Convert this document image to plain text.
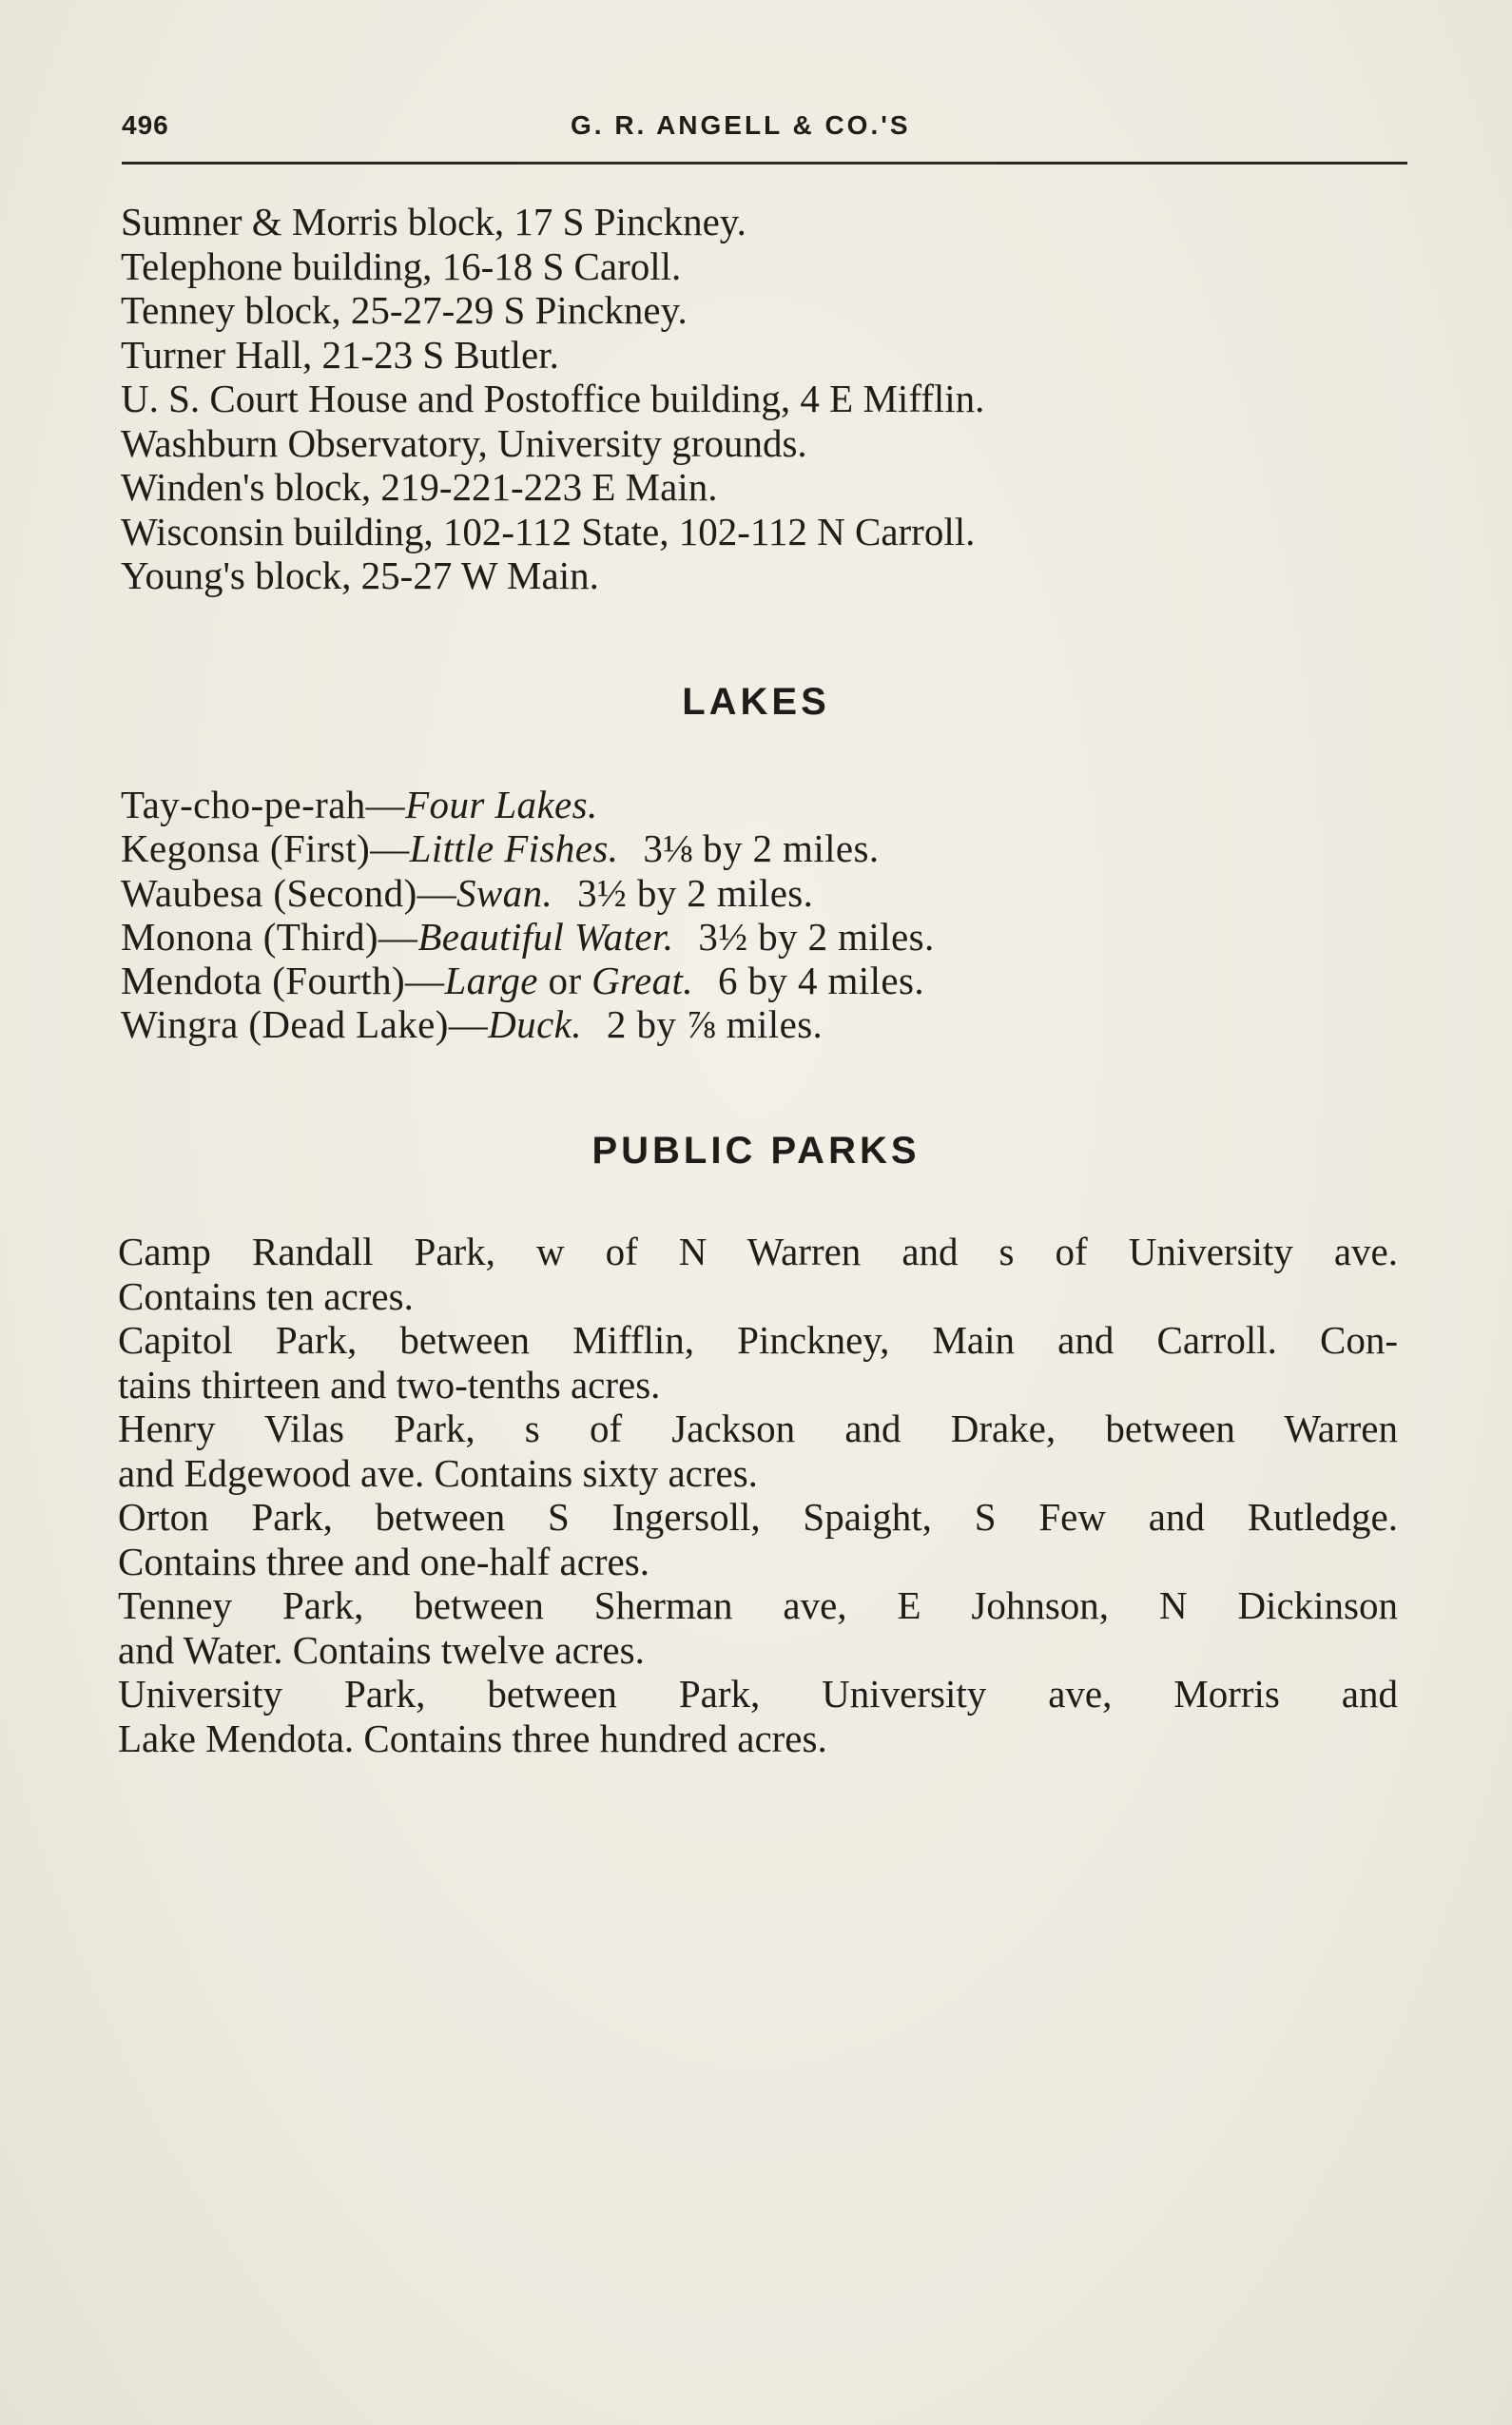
496	G. R. ANGELL & CO.'S
Sumner & Morris block, 17 S Pinckney.
Telephone building, 16-18 S Caroll.
Tenney block, 25-27-29 S Pinckney.
Turner Hall, 21-23 S Butler.
U. S. Court House and Postoffice building, 4 E Mifflin.
Washburn Observatory, University grounds.
Winden's block, 219-221-223 E Main.
Wisconsin building, 102-112 State, 102-112 N Carroll.
Young's block, 25-27 W Main.
LAKES
Tay-cho-pe-rah—Four Lakes.
Kegonsa (First)—Little Fishes. 3⅛ by 2 miles.
Waubesa (Second)—Swan. 3½ by 2 miles.
Monona (Third)—Beautiful Water. 3½ by 2 miles.
Mendota (Fourth)—Large or Great. 6 by 4 miles.
Wingra (Dead Lake)—Duck. 2 by ⅞ miles.
PUBLIC PARKS
Camp Randall Park, w of N Warren and s of University ave.
Contains ten acres.
Capitol Park, between Mifflin, Pinckney, Main and Carroll. Con-
tains thirteen and two-tenths acres.
Henry Vilas Park, s of Jackson and Drake, between Warren
and Edgewood ave. Contains sixty acres.
Orton Park, between S Ingersoll, Spaight, S Few and Rutledge.
Contains three and one-half acres.
Tenney Park, between Sherman ave, E Johnson, N Dickinson
and Water. Contains twelve acres.
University Park, between Park, University ave, Morris and
Lake Mendota. Contains three hundred acres.
